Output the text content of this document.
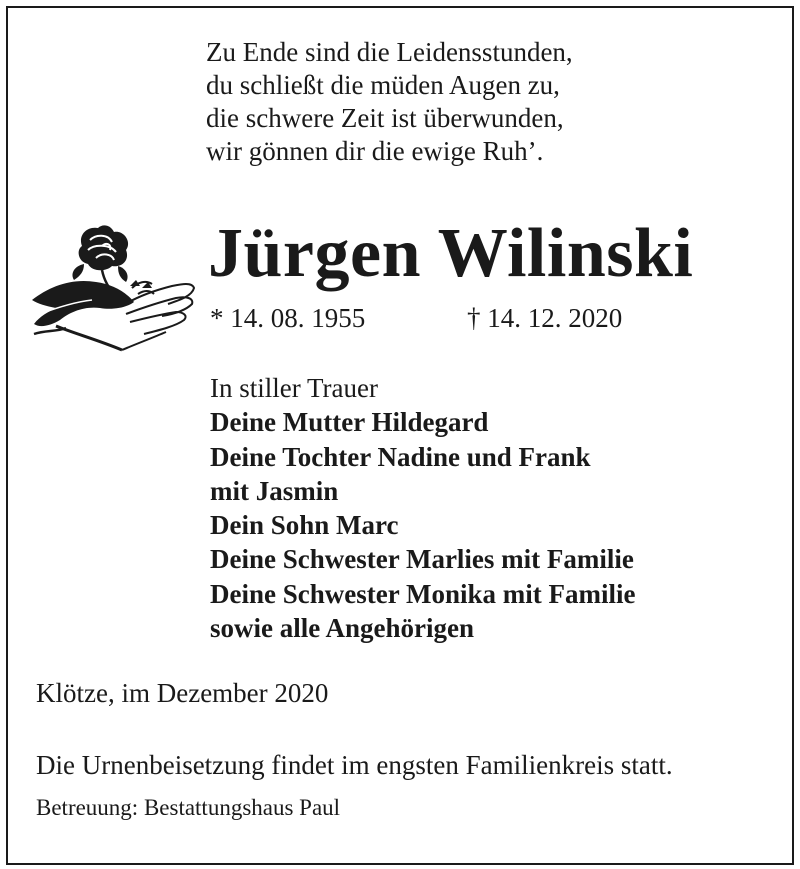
Zu Ende sind die Leidensstunden,
du schließt die müden Augen zu,
die schwere Zeit ist überwunden,
wir gönnen dir die ewige Ruh’.
Jürgen Wilinski
* 14. 08. 1955	† 14. 12. 2020
In stiller Trauer
Deine Mutter Hildegard
Deine Tochter Nadine und Frank
mit Jasmin
Dein Sohn Marc
Deine Schwester Marlies mit Familie
Deine Schwester Monika mit Familie
sowie alle Angehörigen
Klötze, im Dezember 2020
Die Urnenbeisetzung findet im engsten Familienkreis statt.
Betreuung: Bestattungshaus Paul
